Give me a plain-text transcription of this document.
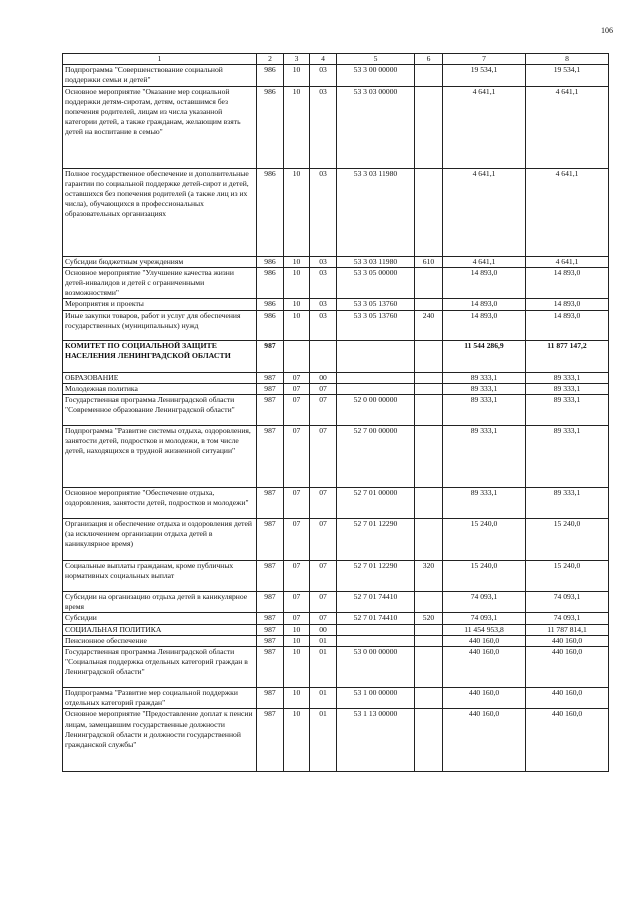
106
1	2	3	4	5	6	7	8
Подпрограмма "Совершенствование социальной поддержки семьи и детей"	986	10	03	53 3 00 00000		19 534,1	19 534,1
Основное мероприятие "Оказание мер социальной поддержки детям-сиротам, детям, оставшимся без попечения родителей, лицам из числа указанной категории детей, а также гражданам, желающим взять детей на воспитание в семью"	986	10	03	53 3 03 00000		4 641,1	4 641,1
Полное государственное обеспечение и дополнительные гарантии по социальной поддержке детей-сирот и детей, оставшихся без попечения родителей (а также лиц из их числа), обучающихся в профессиональных образовательных организациях	986	10	03	53 3 03 11980		4 641,1	4 641,1
Субсидии бюджетным учреждениям	986	10	03	53 3 03 11980	610	4 641,1	4 641,1
Основное мероприятие "Улучшение качества жизни детей-инвалидов и детей с ограниченными возможностями"	986	10	03	53 3 05 00000		14 893,0	14 893,0
Мероприятия и проекты	986	10	03	53 3 05 13760		14 893,0	14 893,0
Иные закупки товаров, работ и услуг для обеспечения государственных (муниципальных) нужд	986	10	03	53 3 05 13760	240	14 893,0	14 893,0
КОМИТЕТ ПО СОЦИАЛЬНОЙ ЗАЩИТЕ НАСЕЛЕНИЯ ЛЕНИНГРАДСКОЙ ОБЛАСТИ	987					11 544 286,9	11 877 147,2
ОБРАЗОВАНИЕ	987	07	00			89 333,1	89 333,1
Молодежная политика	987	07	07			89 333,1	89 333,1
Государственная программа Ленинградской области "Современное образование Ленинградской области"	987	07	07	52 0 00 00000		89 333,1	89 333,1
Подпрограмма "Развитие системы отдыха, оздоровления, занятости детей, подростков и молодежи, в том числе детей, находящихся в трудной жизненной ситуации"	987	07	07	52 7 00 00000		89 333,1	89 333,1
Основное мероприятие "Обеспечение отдыха, оздоровления, занятости детей, подростков и молодежи"	987	07	07	52 7 01 00000		89 333,1	89 333,1
Организация и обеспечение отдыха и оздоровления детей (за исключением организации отдыха детей в каникулярное время)	987	07	07	52 7 01 12290		15 240,0	15 240,0
Социальные выплаты гражданам, кроме публичных нормативных социальных выплат	987	07	07	52 7 01 12290	320	15 240,0	15 240,0
Субсидии на организацию отдыха детей в каникулярное время	987	07	07	52 7 01 74410		74 093,1	74 093,1
Субсидии	987	07	07	52 7 01 74410	520	74 093,1	74 093,1
СОЦИАЛЬНАЯ ПОЛИТИКА	987	10	00			11 454 953,8	11 787 814,1
Пенсионное обеспечение	987	10	01			440 160,0	440 160,0
Государственная программа Ленинградской области "Социальная поддержка отдельных категорий граждан в Ленинградской области"	987	10	01	53 0 00 00000		440 160,0	440 160,0
Подпрограмма "Развитие мер социальной поддержки отдельных категорий граждан"	987	10	01	53 1 00 00000		440 160,0	440 160,0
Основное мероприятие "Предоставление доплат к пенсии лицам, замещавшим государственные должности Ленинградской области и должности государственной гражданской службы"	987	10	01	53 1 13 00000		440 160,0	440 160,0
